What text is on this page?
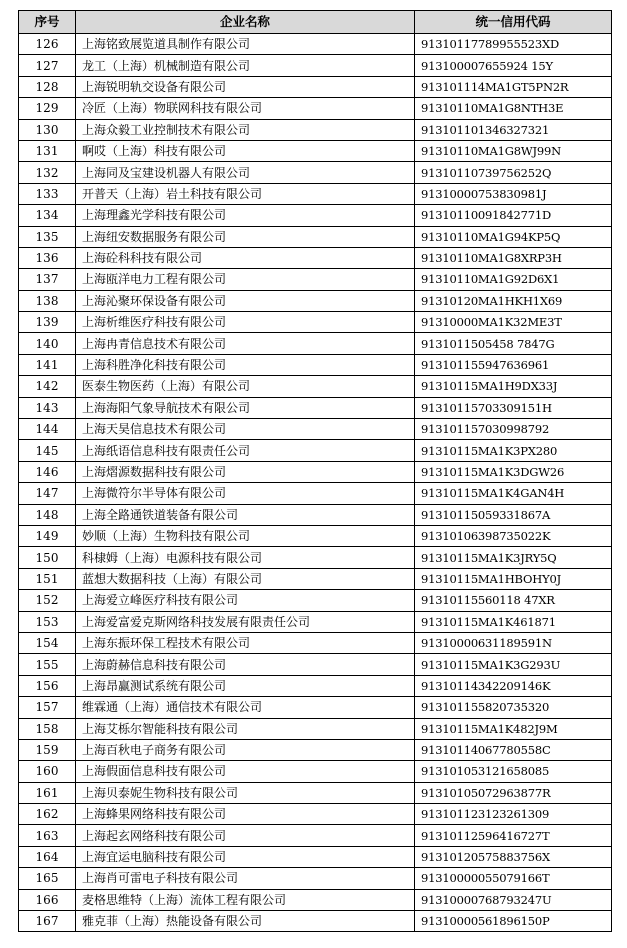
序号	企业名称	统一信用代码
126	上海铭致展览道具制作有限公司	91310117789955523XD
127	龙工（上海）机械制造有限公司	913100007655924 15Y
128	上海锐明轨交设备有限公司	913101114MA1GT5PN2R
129	冷匠（上海）物联网科技有限公司	91310110MA1G8NTH3E
130	上海众毅工业控制技术有限公司	913101101346327321
131	啊哎（上海）科技有限公司	91310110MA1G8WJ99N
132	上海同及宝建设机器人有限公司	91310110739756252Q
133	开普天（上海）岩土科技有限公司	91310000753830981J
134	上海理鑫光学科技有限公司	91310110091842771D
135	上海纽安数据服务有限公司	91310110MA1G94KP5Q
136	上海砼科科技有限公司	91310110MA1G8XRP3H
137	上海瓯洋电力工程有限公司	91310110MA1G92D6X1
138	上海沁聚环保设备有限公司	91310120MA1HKH1X69
139	上海析维医疗科技有限公司	91310000MA1K32ME3T
140	上海冉青信息技术有限公司	9131011505458 7847G
141	上海科胜净化科技有限公司	913101155947636961
142	医泰生物医药（上海）有限公司	91310115MA1H9DX33J
143	上海海阳气象导航技术有限公司	91310115703309151H
144	上海天昊信息技术有限公司	913101157030998792
145	上海纸语信息科技有限责任公司	91310115MA1K3PX280
146	上海熠源数据科技有限公司	91310115MA1K3DGW26
147	上海微符尔半导体有限公司	91310115MA1K4GAN4H
148	上海全路通铁道装备有限公司	91310115059331867A
149	妙顺（上海）生物科技有限公司	91310106398735022K
150	科棣姆（上海）电源科技有限公司	91310115MA1K3JRY5Q
151	蓝想大数据科技（上海）有限公司	91310115MA1HBOHY0J
152	上海爱立峰医疗科技有限公司	91310115560118 47XR
153	上海爱富爱克斯网络科技发展有限责任公司	91310115MA1K461871
154	上海东振环保工程技术有限公司	91310000631189591N
155	上海蔚赫信息科技有限公司	91310115MA1K3G293U
156	上海昂赢测试系统有限公司	91310114342209146K
157	维霖通（上海）通信技术有限公司	913101155820735320
158	上海艾栎尔智能科技有限公司	91310115MA1K482J9M
159	上海百秋电子商务有限公司	91310114067780558C
160	上海假面信息科技有限公司	913101053121658085
161	上海贝泰妮生物科技有限公司	91310105072963877R
162	上海蜂果网络科技有限公司	913101123123261309
163	上海起玄网络科技有限公司	91310112596416727T
164	上海宜运电脑科技有限公司	91310120575883756X
165	上海肖可雷电子科技有限公司	91310000055079166T
166	麦格思维特（上海）流体工程有限公司	91310000768793247U
167	雅克菲（上海）热能设备有限公司	91310000561896150P
